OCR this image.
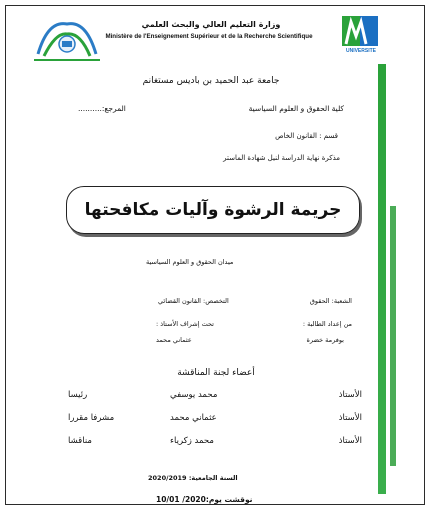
UNIVERSITE
وزارة التعليم العالي والبحث العلمي
Ministère de l'Enseignement Supérieur et de la Recherche Scientifique
جامعة عبد الحميد بن باديس مستغانم
كلية الحقوق و العلوم السياسية
المرجع:..........
قسم : القانون الخاص
مذكرة نهاية الدراسة لنيل شهادة الماستر
جريمة الرشوة وآليات مكافحتها
ميدان الحقوق و العلوم السياسية
الشعبة: الحقوق
التخصص: القانون القضائي
من إعداد الطالبة :
تحت إشراف الأستاذ :
بوفرمة خضرة
عثماني محمد
أعضاء لجنة المناقشة
الأستاذ
محمد يوسفي
رئيسا
الأستاذ
عثماني محمد
مشرفا مقررا
الأستاذ
محمد زكرياء
مناقشا
السنة الجامعية: 2020/2019
نوقشت يوم:2020/ 10/01
